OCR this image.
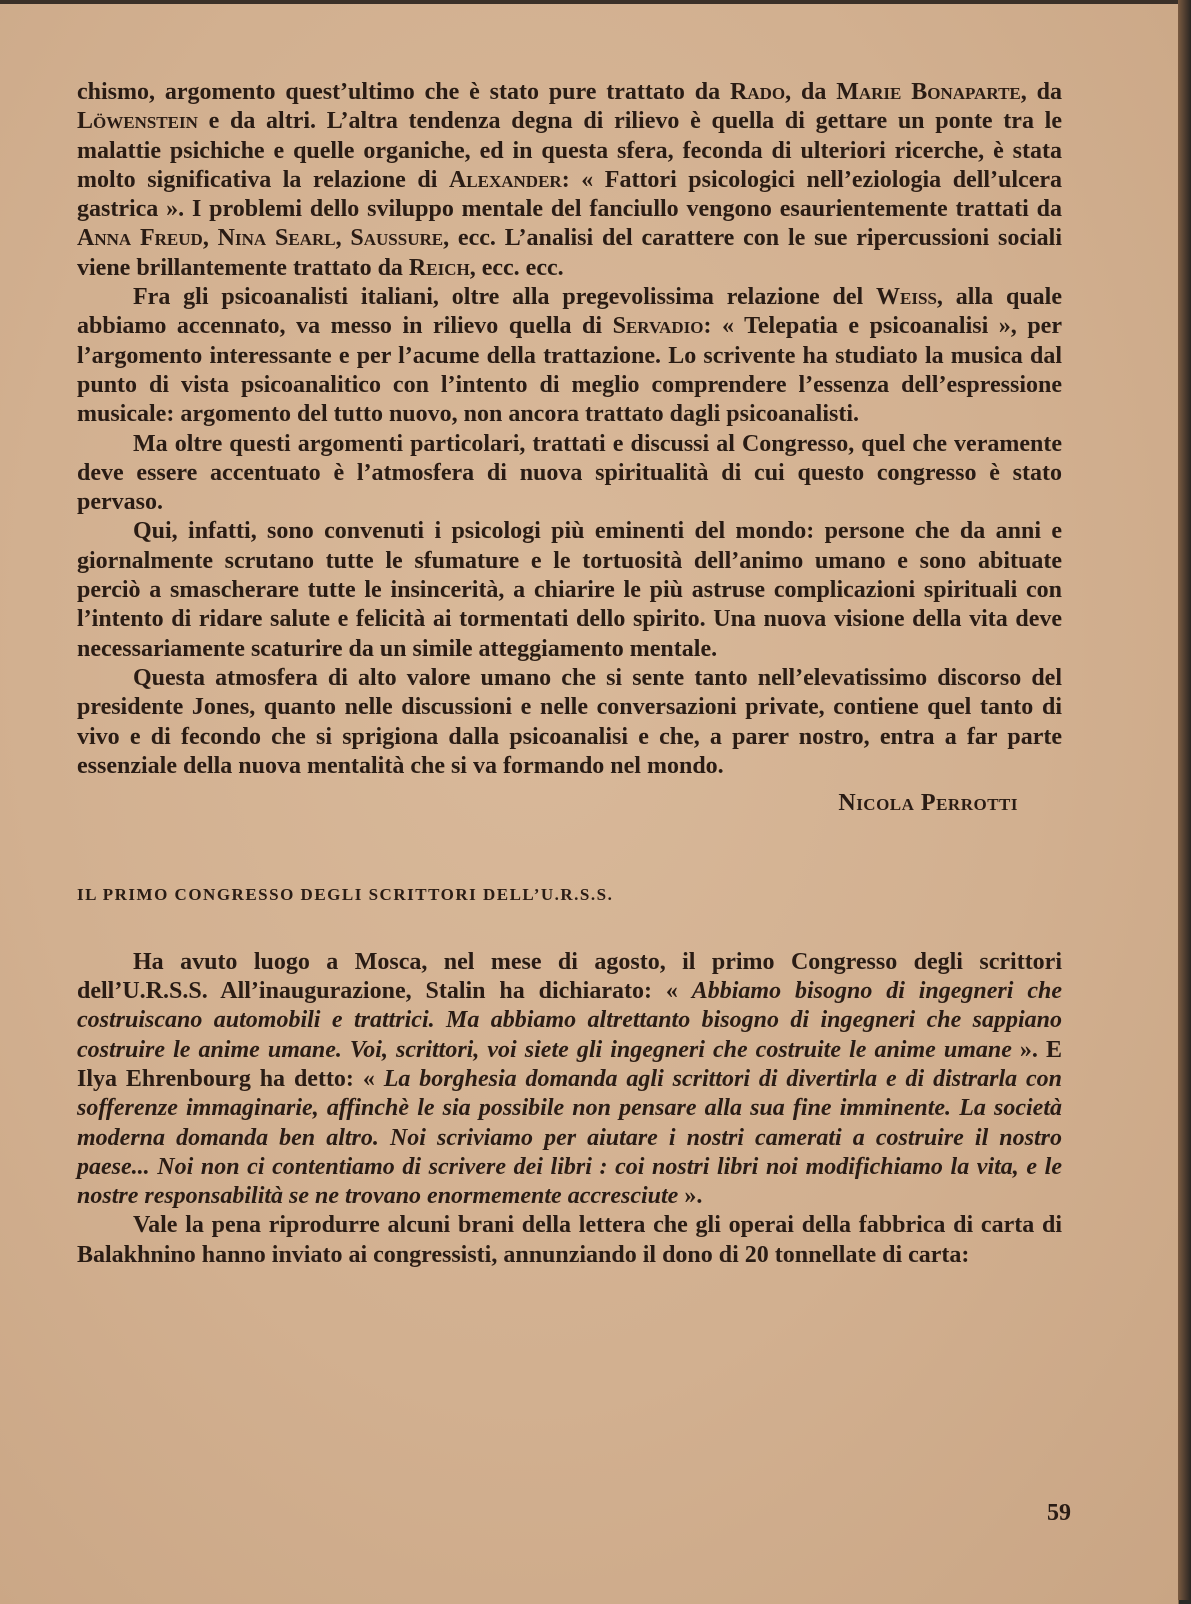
chismo, argomento quest’ultimo che è stato pure trattato da Rado, da Marie Bonaparte, da Löwenstein e da altri. L’altra tendenza degna di rilievo è quella di gettare un ponte tra le malattie psichiche e quelle organiche, ed in questa sfera, feconda di ulteriori ricerche, è stata molto significativa la relazione di Alexander: « Fattori psicologici nell’eziologia dell’ulcera gastrica ». I problemi dello sviluppo mentale del fanciullo vengono esaurientemente trattati da Anna Freud, Nina Searl, Saussure, ecc. L’analisi del carattere con le sue ripercussioni sociali viene brillantemente trattato da Reich, ecc. ecc.

Fra gli psicoanalisti italiani, oltre alla pregevolissima relazione del Weiss, alla quale abbiamo accennato, va messo in rilievo quella di Servadio: « Telepatia e psicoanalisi », per l’argomento interessante e per l’acume della trattazione. Lo scrivente ha studiato la musica dal punto di vista psicoanalitico con l’intento di meglio comprendere l’essenza dell’espressione musicale: argomento del tutto nuovo, non ancora trattato dagli psicoanalisti.

Ma oltre questi argomenti particolari, trattati e discussi al Congresso, quel che veramente deve essere accentuato è l’atmosfera di nuova spiritualità di cui questo congresso è stato pervaso.

Qui, infatti, sono convenuti i psicologi più eminenti del mondo: persone che da anni e giornalmente scrutano tutte le sfumature e le tortuosità dell’animo umano e sono abituate perciò a smascherare tutte le insincerità, a chiarire le più astruse complicazioni spirituali con l’intento di ridare salute e felicità ai tormentati dello spirito. Una nuova visione della vita deve necessariamente scaturire da un simile atteggiamento mentale.

Questa atmosfera di alto valore umano che si sente tanto nell’elevatissimo discorso del presidente Jones, quanto nelle discussioni e nelle conversazioni private, contiene quel tanto di vivo e di fecondo che si sprigiona dalla psicoanalisi e che, a parer nostro, entra a far parte essenziale della nuova mentalità che si va formando nel mondo.

Nicola Perrotti
IL PRIMO CONGRESSO DEGLI SCRITTORI DELL’U.R.S.S.

Ha avuto luogo a Mosca, nel mese di agosto, il primo Congresso degli scrittori dell’U.R.S.S. All’inaugurazione, Stalin ha dichiarato: « Abbiamo bisogno di ingegneri che costruiscano automobili e trattrici. Ma abbiamo altrettanto bisogno di ingegneri che sappiano costruire le anime umane. Voi, scrittori, voi siete gli ingegneri che costruite le anime umane ». E Ilya Ehrenbourg ha detto: « La borghesia domanda agli scrittori di divertirla e di distrarla con sofferenze immaginarie, affinchè le sia possibile non pensare alla sua fine imminente. La società moderna domanda ben altro. Noi scriviamo per aiutare i nostri camerati a costruire il nostro paese... Noi non ci contentiamo di scrivere dei libri : coi nostri libri noi modifichiamo la vita, e le nostre responsabilità se ne trovano enormemente accresciute ».

Vale la pena riprodurre alcuni brani della lettera che gli operai della fabbrica di carta di Balakhnino hanno inviato ai congressisti, annunziando il dono di 20 tonnellate di carta:

59
